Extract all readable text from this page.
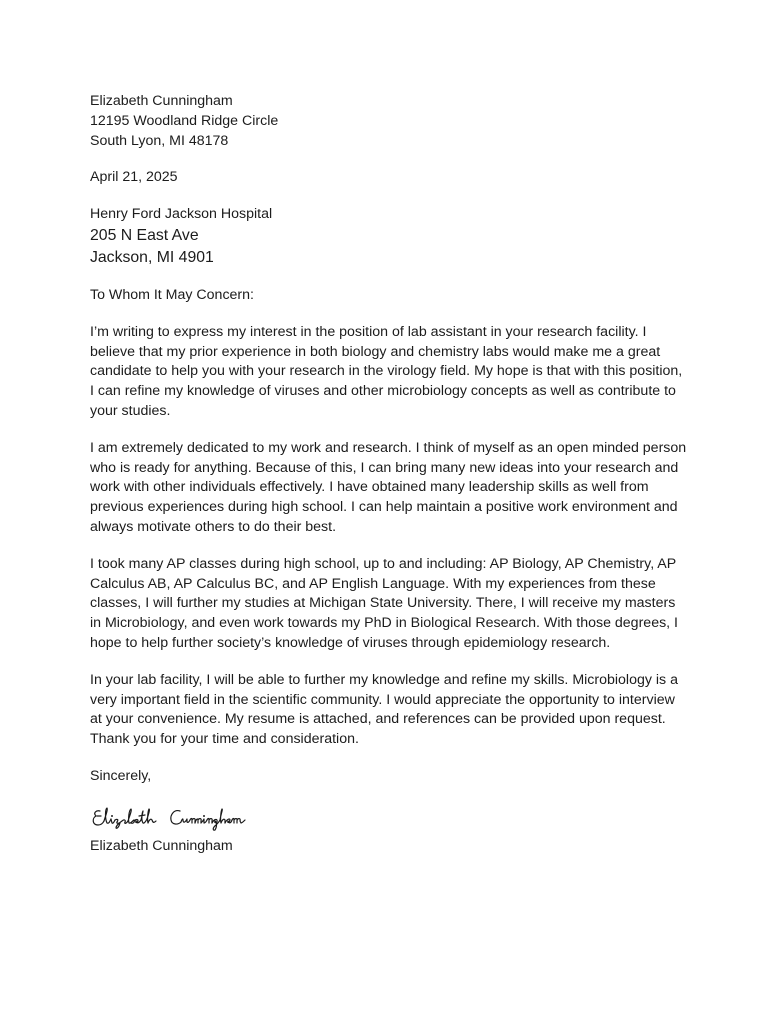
Elizabeth Cunningham
12195 Woodland Ridge Circle
South Lyon, MI 48178
April 21, 2025
Henry Ford Jackson Hospital
205 N East Ave
Jackson, MI 4901
To Whom It May Concern:

I’m writing to express my interest in the position of lab assistant in your research facility. I believe that my prior experience in both biology and chemistry labs would make me a great candidate to help you with your research in the virology field. My hope is that with this position, I can refine my knowledge of viruses and other microbiology concepts as well as contribute to your studies.

I am extremely dedicated to my work and research. I think of myself as an open minded person who is ready for anything. Because of this, I can bring many new ideas into your research and work with other individuals effectively. I have obtained many leadership skills as well from previous experiences during high school. I can help maintain a positive work environment and always motivate others to do their best.

I took many AP classes during high school, up to and including: AP Biology, AP Chemistry, AP Calculus AB, AP Calculus BC, and AP English Language. With my experiences from these classes, I will further my studies at Michigan State University. There, I will receive my masters in Microbiology, and even work towards my PhD in Biological Research. With those degrees, I hope to help further society’s knowledge of viruses through epidemiology research.

In your lab facility, I will be able to further my knowledge and refine my skills. Microbiology is a very important field in the scientific community. I would appreciate the opportunity to interview at your convenience. My resume is attached, and references can be provided upon request. Thank you for your time and consideration.

Sincerely,
Elizabeth Cunningham
